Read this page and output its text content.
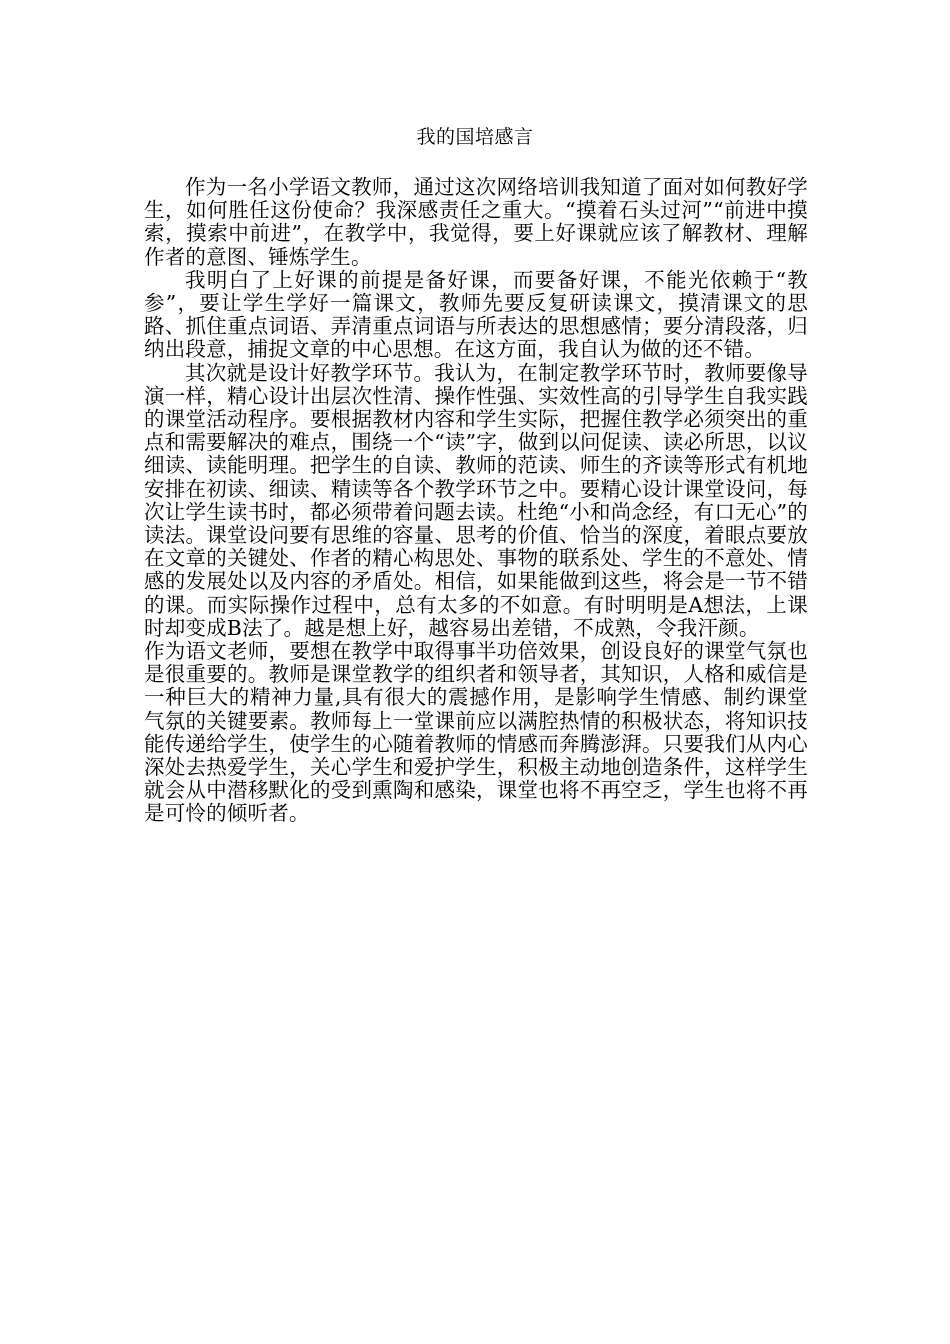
我的国培感言

作为一名小学语文教师，通过这次网络培训我知道了面对如何教好学生，如何胜任这份使命？我深感责任之重大。“摸着石头过河”“前进中摸索，摸索中前进”，在教学中，我觉得，要上好课就应该了解教材、理解作者的意图、锤炼学生。

我明白了上好课的前提是备好课，而要备好课，不能光依赖于“教参”，要让学生学好一篇课文，教师先要反复研读课文，摸清课文的思路、抓住重点词语、弄清重点词语与所表达的思想感情；要分清段落，归纳出段意，捕捉文章的中心思想。在这方面，我自认为做的还不错。

其次就是设计好教学环节。我认为，在制定教学环节时，教师要像导演一样，精心设计出层次性清、操作性强、实效性高的引导学生自我实践的课堂活动程序。要根据教材内容和学生实际，把握住教学必须突出的重点和需要解决的难点，围绕一个“读”字，做到以问促读、读必所思，以议细读、读能明理。把学生的自读、教师的范读、师生的齐读等形式有机地安排在初读、细读、精读等各个教学环节之中。要精心设计课堂设问，每次让学生读书时，都必须带着问题去读。杜绝“小和尚念经，有口无心”的读法。课堂设问要有思维的容量、思考的价值、恰当的深度，着眼点要放在文章的关键处、作者的精心构思处、事物的联系处、学生的不意处、情感的发展处以及内容的矛盾处。相信，如果能做到这些，将会是一节不错的课。而实际操作过程中，总有太多的不如意。有时明明是A想法，上课时却变成B法了。越是想上好，越容易出差错，不成熟，令我汗颜。

作为语文老师，要想在教学中取得事半功倍效果，创设良好的课堂气氛也是很重要的。教师是课堂教学的组织者和领导者，其知识，人格和威信是一种巨大的精神力量,具有很大的震撼作用，是影响学生情感、制约课堂气氛的关键要素。教师每上一堂课前应以满腔热情的积极状态，将知识技能传递给学生，使学生的心随着教师的情感而奔腾澎湃。只要我们从内心深处去热爱学生，关心学生和爱护学生，积极主动地创造条件，这样学生就会从中潜移默化的受到熏陶和感染，课堂也将不再空乏，学生也将不再是可怜的倾听者。
